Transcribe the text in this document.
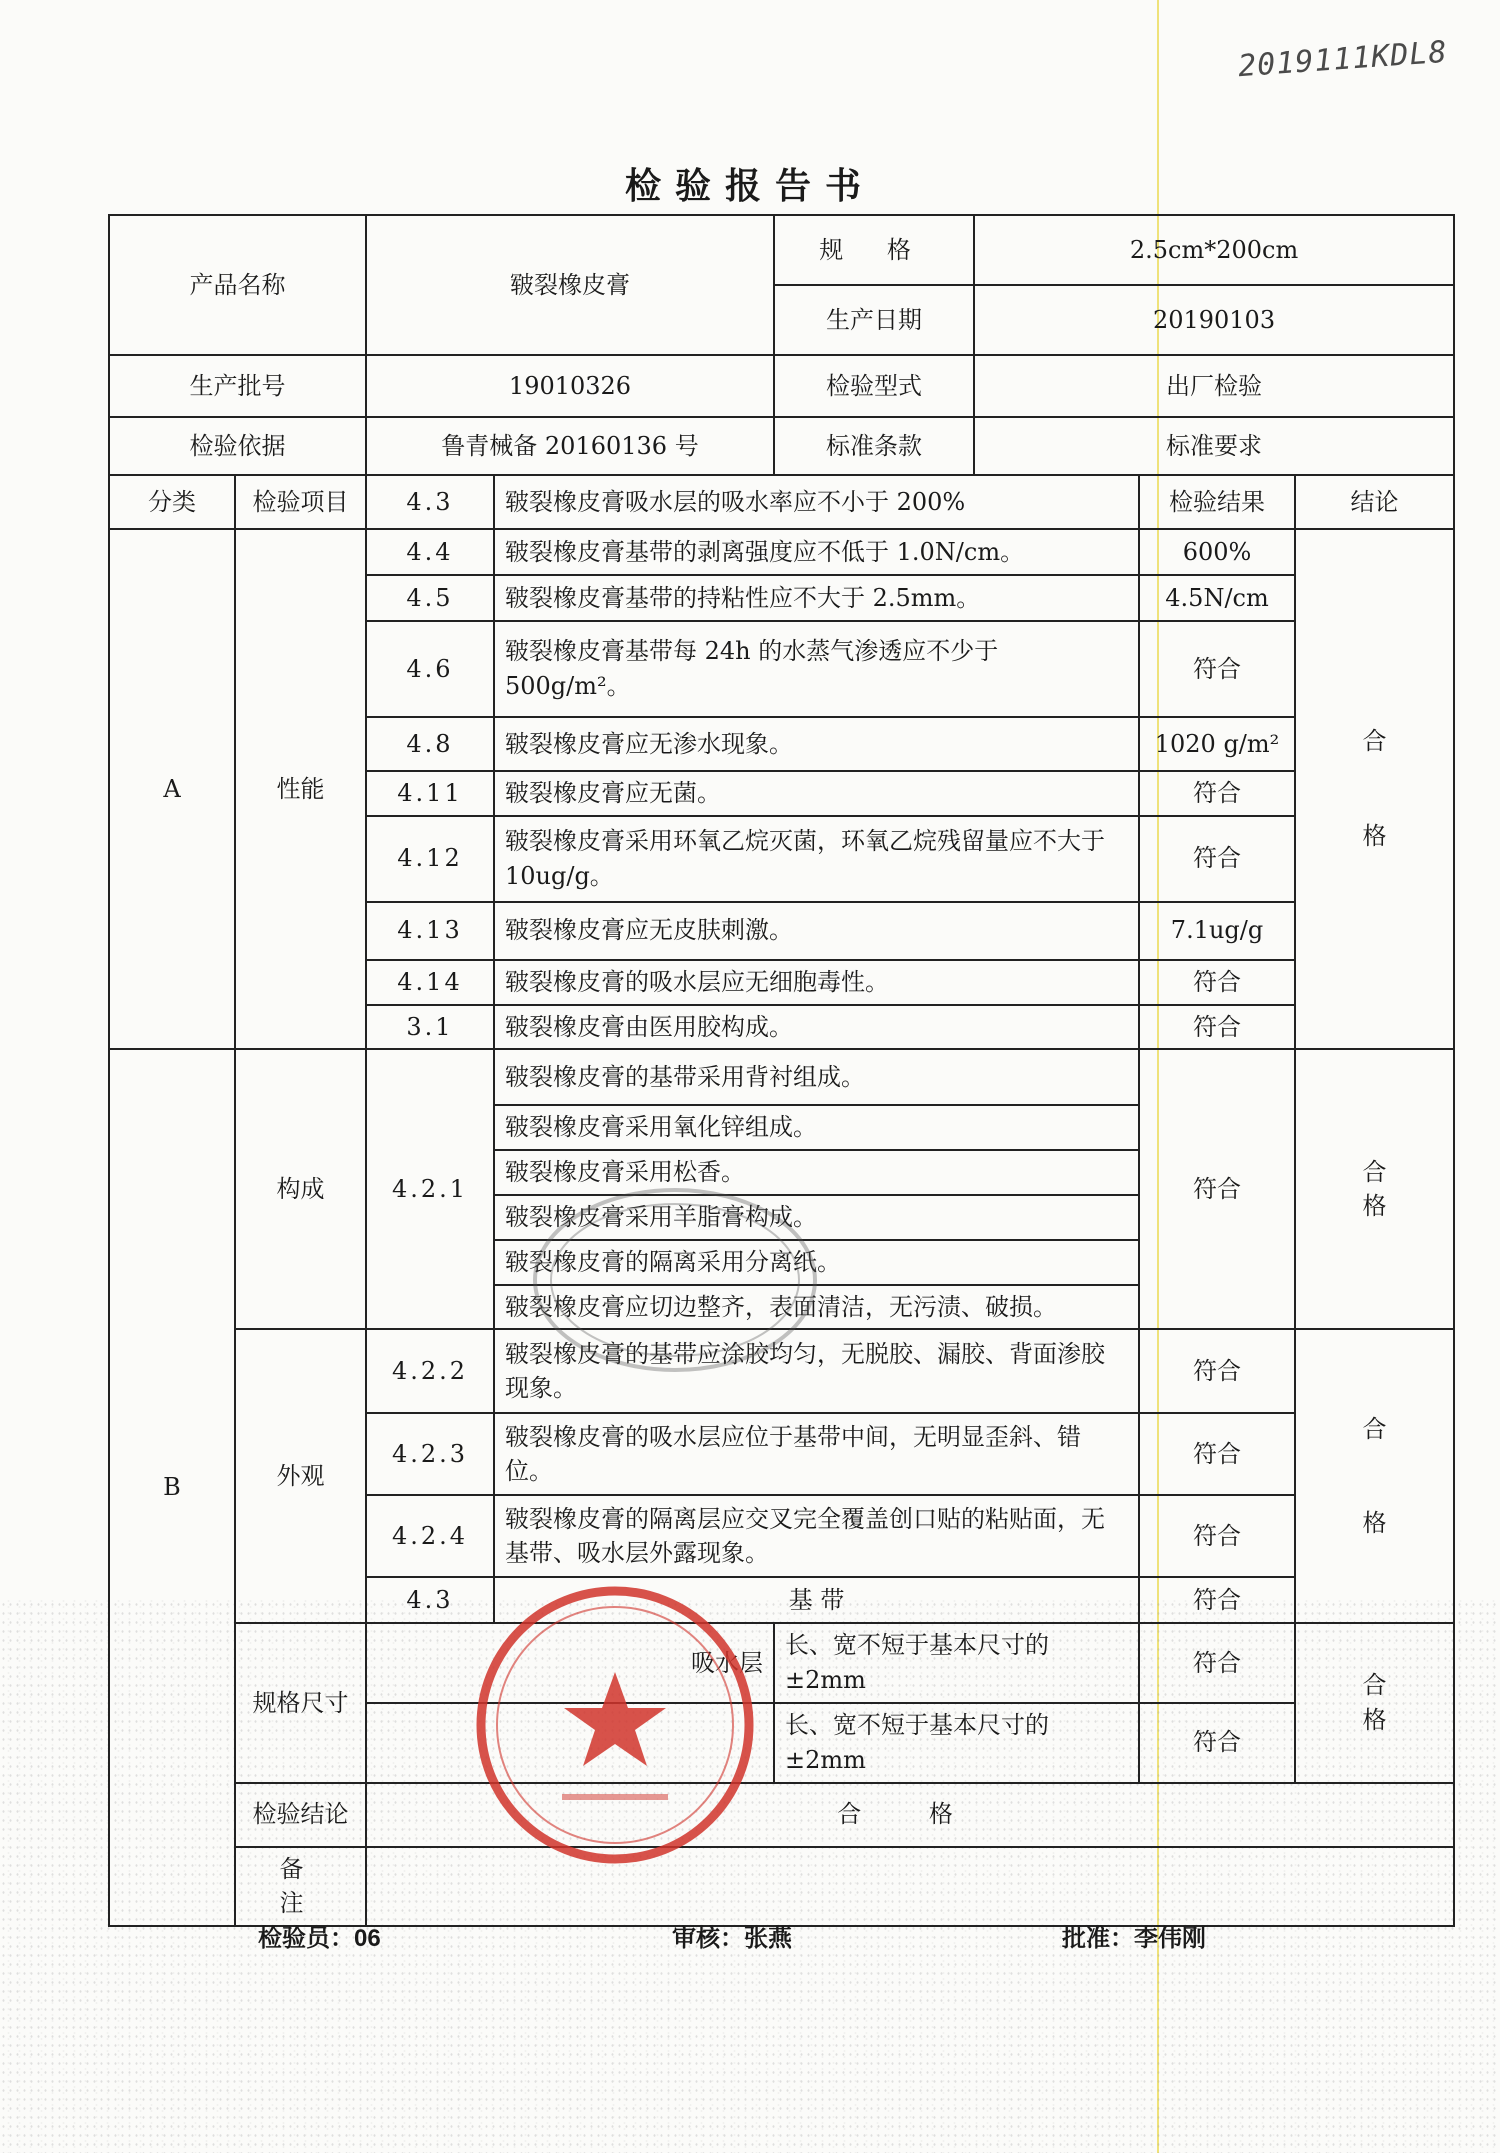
2019111KDL8
检验报告书
产品名称		皲裂橡皮膏		规 格	2.5cm*200cm		
				生产日期	20190103		
生产批号		19010326		检验型式	出厂检验		
检验依据		鲁青械备 20160136 号		标准条款	标准要求		
分类	检验项目	4.3	皲裂橡皮膏吸水层的吸水率应不小于 200%			检验结果	结论
A	性能	4.4	皲裂橡皮膏基带的剥离强度应不低于 1.0N/cm。			600%	合
格

		4.5	皲裂橡皮膏基带的持粘性应不大于 2.5mm。			4.5N/cm	
		4.6	皲裂橡皮膏基带每 24h 的水蒸气渗透应不少于 500g/m²。			符合	
		4.8	皲裂橡皮膏应无渗水现象。			1020 g/m²	
		4.11	皲裂橡皮膏应无菌。			符合	
		4.12	皲裂橡皮膏采用环氧乙烷灭菌，环氧乙烷残留量应不大于 10ug/g。			符合	
		4.13	皲裂橡皮膏应无皮肤刺激。			7.1ug/g	
		4.14	皲裂橡皮膏的吸水层应无细胞毒性。			符合	
		3.1	皲裂橡皮膏由医用胶构成。			符合	
B	构成	4.2.1	皲裂橡皮膏的基带采用背衬组成。			符合	合
格

			皲裂橡皮膏采用氧化锌组成。				
			皲裂橡皮膏采用松香。				
			皲裂橡皮膏采用羊脂膏构成。				
			皲裂橡皮膏的隔离采用分离纸。				
			皲裂橡皮膏应切边整齐，表面清洁，无污渍、破损。				
	外观	4.2.2	皲裂橡皮膏的基带应涂胶均匀，无脱胶、漏胶、背面渗胶现象。			符合	合
格

		4.2.3	皲裂橡皮膏的吸水层应位于基带中间，无明显歪斜、错位。			符合	
		4.2.4	皲裂橡皮膏的隔离层应交叉完全覆盖创口贴的粘贴面，无基带、吸水层外露现象。			符合	
		4.3	基 带			符合	
	规格尺寸	吸水层		长、宽不短于基本尺寸的±2mm		符合	合
格

				长、宽不短于基本尺寸的±2mm		符合	
	检验结论	合 格					
	备 注						
检验员：06	审核：张燕	批准：李伟刚
